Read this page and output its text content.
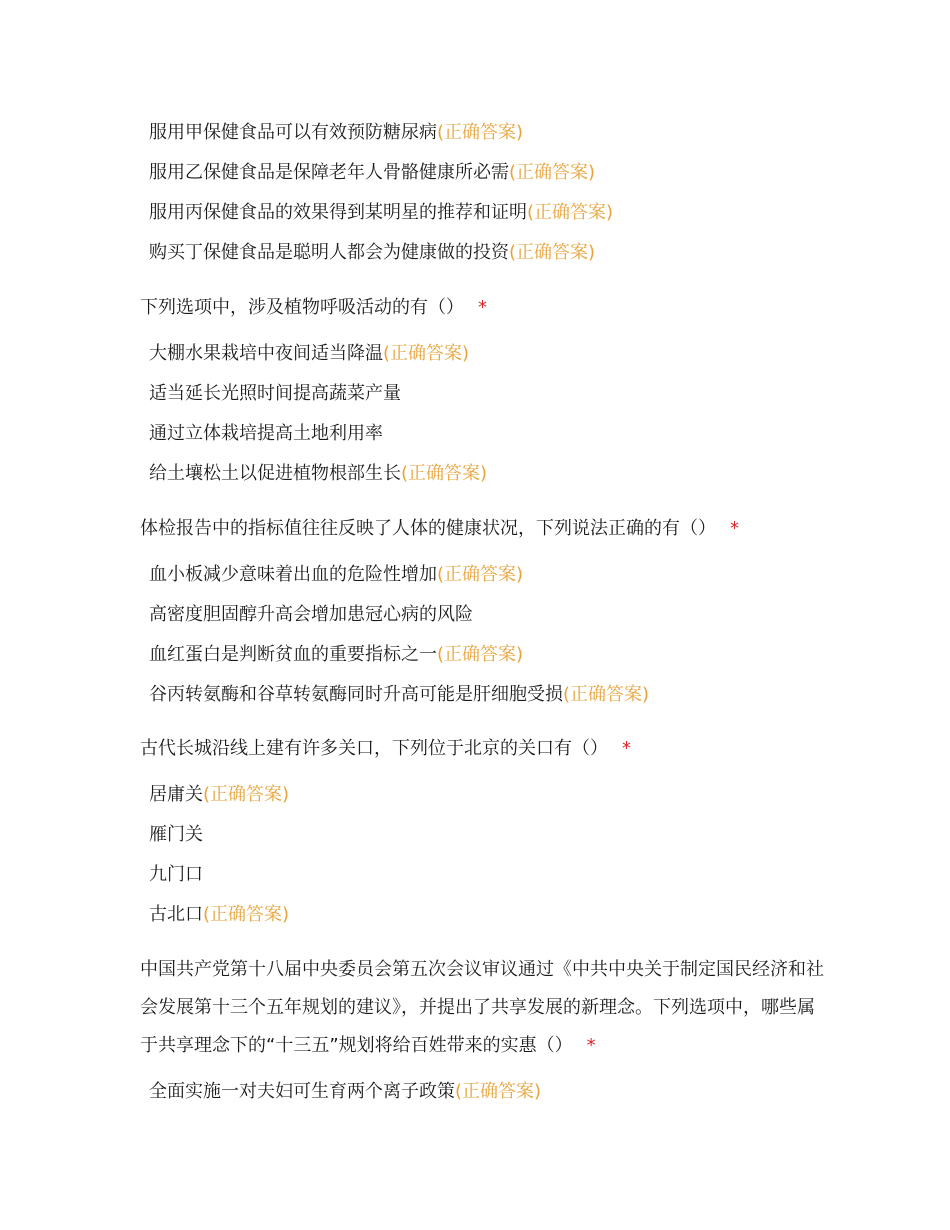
服用甲保健食品可以有效预防糖尿病(正确答案)
服用乙保健食品是保障老年人骨骼健康所必需(正确答案)
服用丙保健食品的效果得到某明星的推荐和证明(正确答案)
购买丁保健食品是聪明人都会为健康做的投资(正确答案)
下列选项中，涉及植物呼吸活动的有（） *
大棚水果栽培中夜间适当降温(正确答案)
适当延长光照时间提高蔬菜产量
通过立体栽培提高土地利用率
给土壤松土以促进植物根部生长(正确答案)
体检报告中的指标值往往反映了人体的健康状况，下列说法正确的有（） *
血小板减少意味着出血的危险性增加(正确答案)
高密度胆固醇升高会增加患冠心病的风险
血红蛋白是判断贫血的重要指标之一(正确答案)
谷丙转氨酶和谷草转氨酶同时升高可能是肝细胞受损(正确答案)
古代长城沿线上建有许多关口，下列位于北京的关口有（） *
居庸关(正确答案)
雁门关
九门口
古北口(正确答案)
中国共产党第十八届中央委员会第五次会议审议通过《中共中央关于制定国民经济和社会发展第十三个五年规划的建议》，并提出了共享发展的新理念。下列选项中，哪些属于共享理念下的“十三五”规划将给百姓带来的实惠（） *
全面实施一对夫妇可生育两个离子政策(正确答案)
